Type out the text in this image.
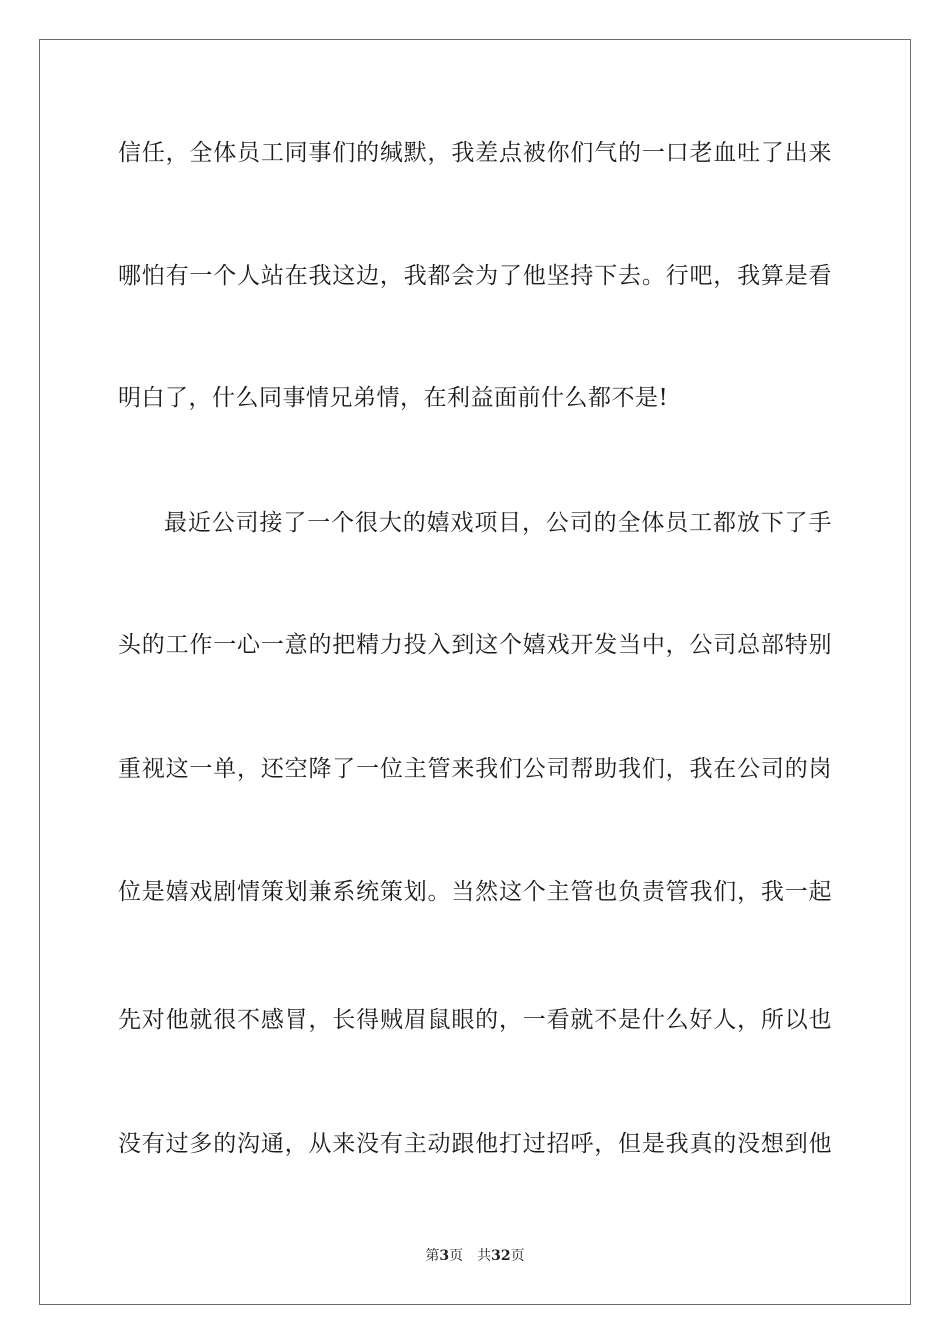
信任，全体员工同事们的缄默，我差点被你们气的一口老血吐了出来
哪怕有一个人站在我这边，我都会为了他坚持下去。行吧，我算是看
明白了，什么同事情兄弟情，在利益面前什么都不是!
最近公司接了一个很大的嬉戏项目，公司的全体员工都放下了手
头的工作一心一意的把精力投入到这个嬉戏开发当中，公司总部特别
重视这一单，还空降了一位主管来我们公司帮助我们，我在公司的岗
位是嬉戏剧情策划兼系统策划。当然这个主管也负责管我们，我一起
先对他就很不感冒，长得贼眉鼠眼的，一看就不是什么好人，所以也
没有过多的沟通，从来没有主动跟他打过招呼，但是我真的没想到他
第3页 共32页
